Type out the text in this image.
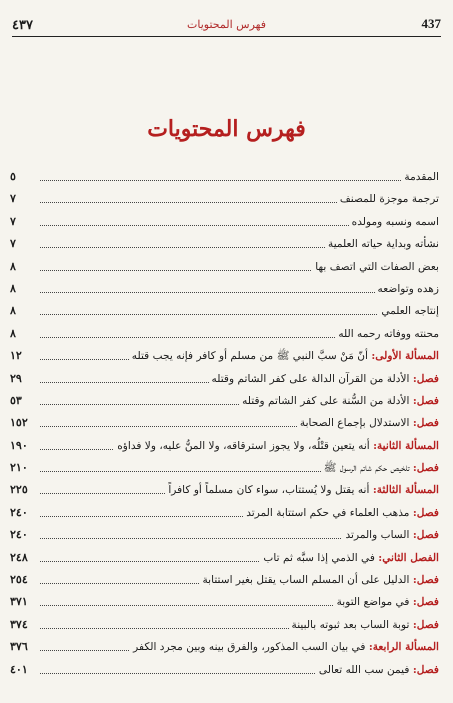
٤٣٧	فهرس المحتويات	437
فهرس المحتويات
المقدمة
٥
ترجمة موجزة للمصنف
٧
اسمه ونسبه ومولده
٧
نشأته وبداية حياته العلمية
٧
بعض الصفات التي اتصف بها
٨
زهده وتواضعه
٨
إنتاجه العلمي
٨
محنته ووفاته رحمه الله
٨
المسألة الأولى: أنّ مَنْ سبَّ النبي ﷺ من مسلم أو كافر فإنه يجب قتله
١٢
فصل: الأدلة من القرآن الدالة على كفر الشاتم وقتله
٢٩
فصل: الأدلة من السُّنة على كفر الشاتم وقتله
٥٣
فصل: الاستدلال بإجماع الصحابة
١٥٢
المسألة الثانية: أنه يتعين قتْلُه، ولا يجوز استرقاقه، ولا المنُّ عليه، ولا فداؤه
١٩٠
فصل: تلخيص حكم شاتم الرسول ﷺ
٢١٠
المسألة الثالثة: أنه يقتل ولا يُستتاب، سواء كان مسلماً أو كافراً
٢٢٥
فصل: مذهب العلماء في حكم استتابة المرتد
٢٤٠
فصل: الساب والمرتد
٢٤٠
الفصل الثاني: في الذمي إذا سبَّه ثم تاب
٢٤٨
فصل: الدليل على أن المسلم الساب يقتل بغير استتابة
٢٥٤
فصل: في مواضع التوبة
٣٧١
فصل: توبة الساب بعد ثبوته بالبينة
٣٧٤
المسألة الرابعة: في بيان السب المذكور، والفرق بينه وبين مجرد الكفر
٣٧٦
فصل: فيمن سب الله تعالى
٤٠١
